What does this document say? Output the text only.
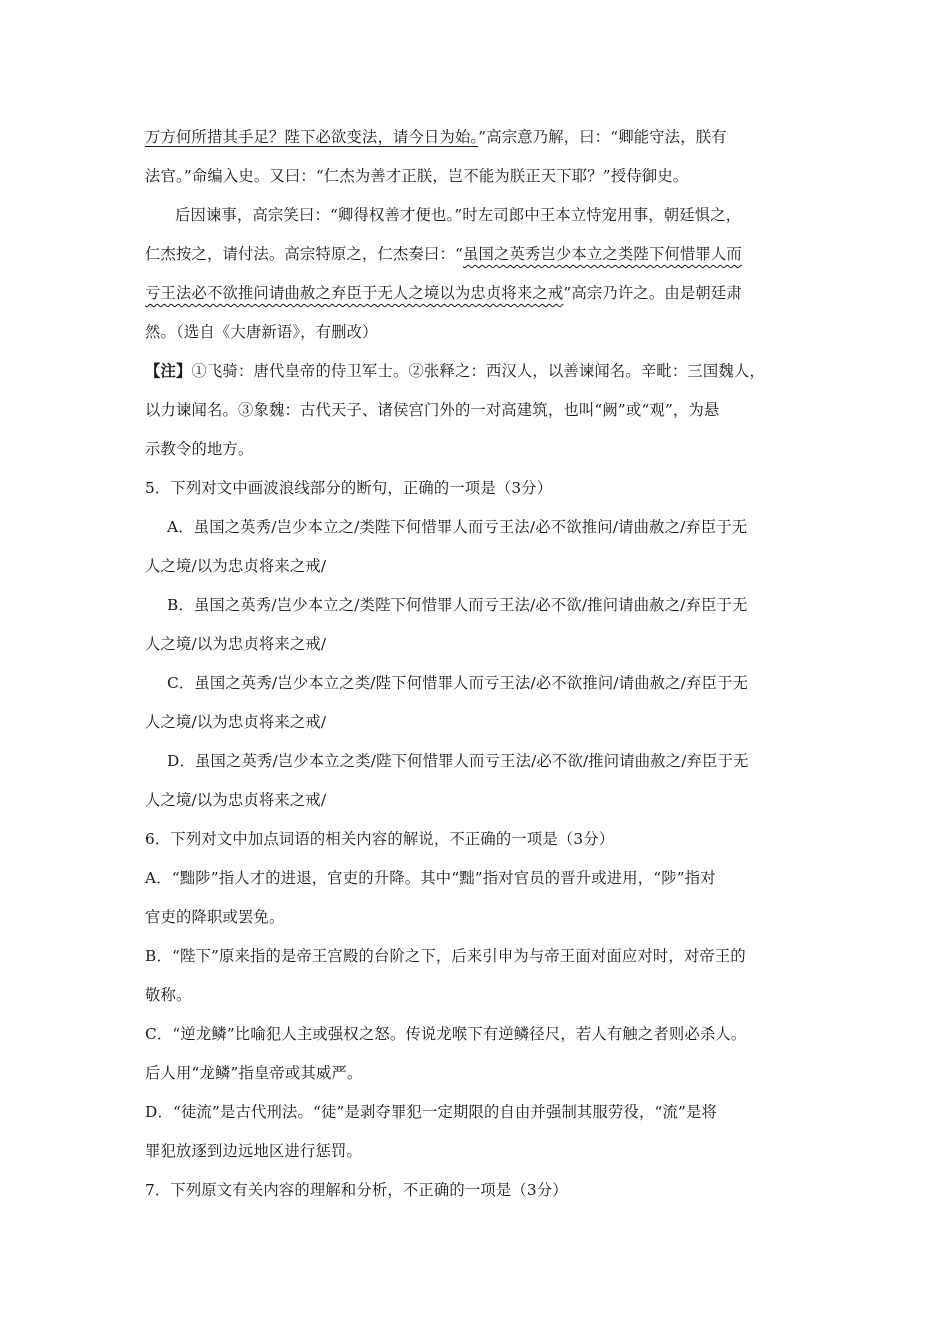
万方何所措其手足？陛下必欲变法，请今日为始。”高宗意乃解，曰：“卿能守法，朕有
法官。”命编入史。又曰：“仁杰为善才正朕，岂不能为朕正天下耶？”授侍御史。
后因谏事，高宗笑曰：“卿得权善才便也。”时左司郎中王本立恃宠用事，朝廷惧之，
仁杰按之，请付法。高宗特原之，仁杰奏曰：“虽国之英秀岂少本立之类陛下何惜罪人而
亏王法必不欲推问请曲赦之弃臣于无人之境以为忠贞将来之戒”高宗乃许之。由是朝廷肃
然。（选自《大唐新语》，有删改）
【注】①飞骑：唐代皇帝的侍卫军士。②张释之：西汉人，以善谏闻名。辛毗：三国魏人，
以力谏闻名。③象魏：古代天子、诸侯宫门外的一对高建筑，也叫“阙”或“观”，为悬
示教令的地方。
5．下列对文中画波浪线部分的断句，正确的一项是（3分）
A．虽国之英秀/岂少本立之/类陛下何惜罪人而亏王法/必不欲推问/请曲赦之/弃臣于无
人之境/以为忠贞将来之戒/
B．虽国之英秀/岂少本立之/类陛下何惜罪人而亏王法/必不欲/推问请曲赦之/弃臣于无
人之境/以为忠贞将来之戒/
C．虽国之英秀/岂少本立之类/陛下何惜罪人而亏王法/必不欲推问/请曲赦之/弃臣于无
人之境/以为忠贞将来之戒/
D．虽国之英秀/岂少本立之类/陛下何惜罪人而亏王法/必不欲/推问请曲赦之/弃臣于无
人之境/以为忠贞将来之戒/
6．下列对文中加点词语的相关内容的解说，不正确的一项是（3分）
A．“黜陟”指人才的进退，官吏的升降。其中“黜”指对官员的晋升或进用，“陟”指对
官吏的降职或罢免。
B．“陛下”原来指的是帝王宫殿的台阶之下，后来引申为与帝王面对面应对时，对帝王的
敬称。
C．“逆龙鳞”比喻犯人主或强权之怒。传说龙喉下有逆鳞径尺，若人有触之者则必杀人。
后人用“龙鳞”指皇帝或其威严。
D．“徒流”是古代刑法。“徒”是剥夺罪犯一定期限的自由并强制其服劳役，“流”是将
罪犯放逐到边远地区进行惩罚。
7．下列原文有关内容的理解和分析，不正确的一项是（3分）
